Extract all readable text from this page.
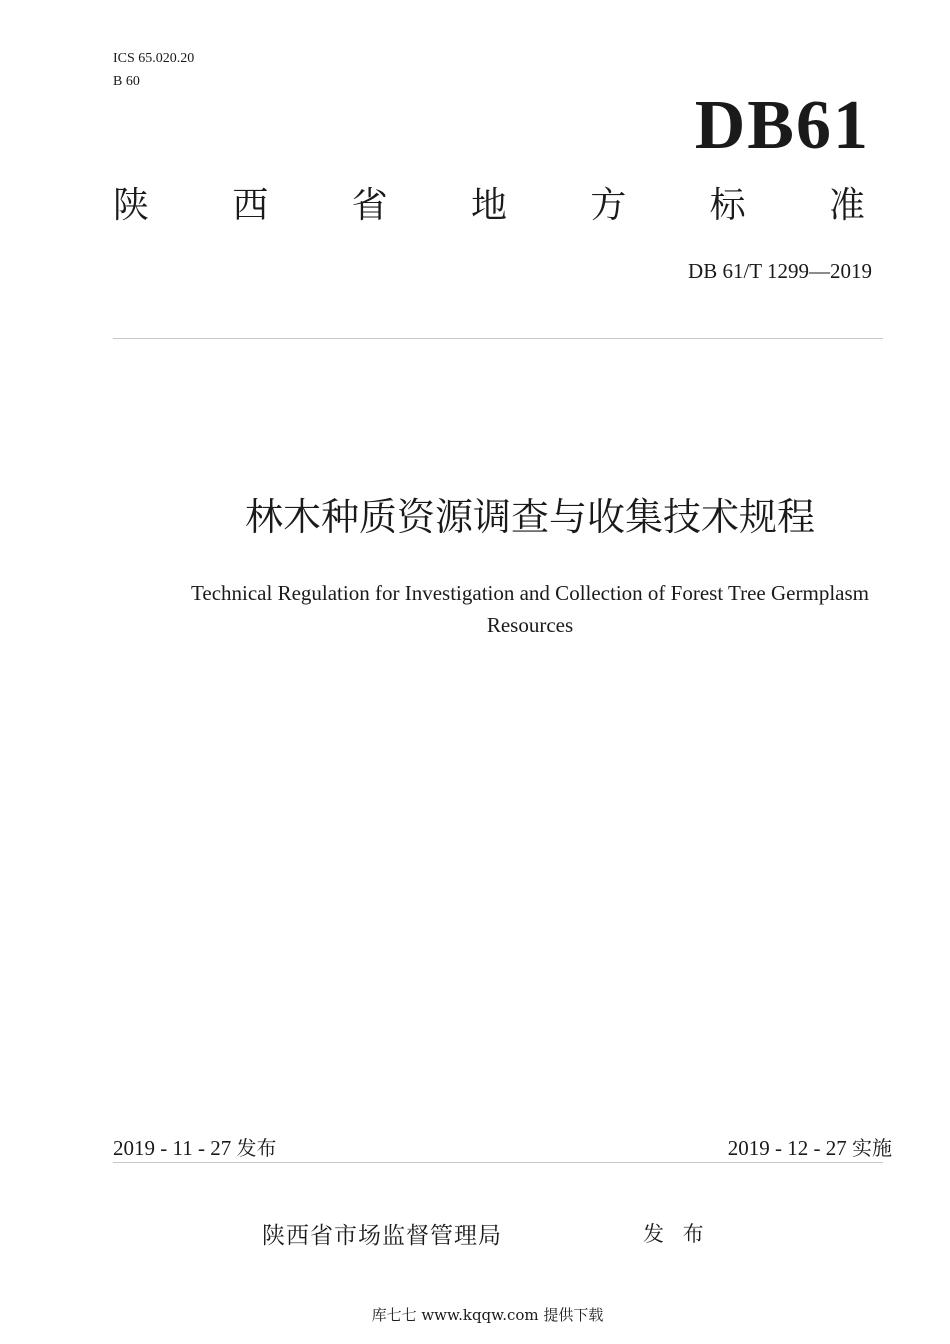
ICS 65.020.20
B 60
DB61
陕 西 省 地 方 标 准
DB 61/T 1299—2019
林木种质资源调查与收集技术规程
Technical Regulation for Investigation and Collection of Forest Tree Germplasm Resources
2019 - 11 - 27 发布	2019 - 12 - 27 实施
陕西省市场监督管理局	发 布
库七七 www.kqqw.com 提供下载
